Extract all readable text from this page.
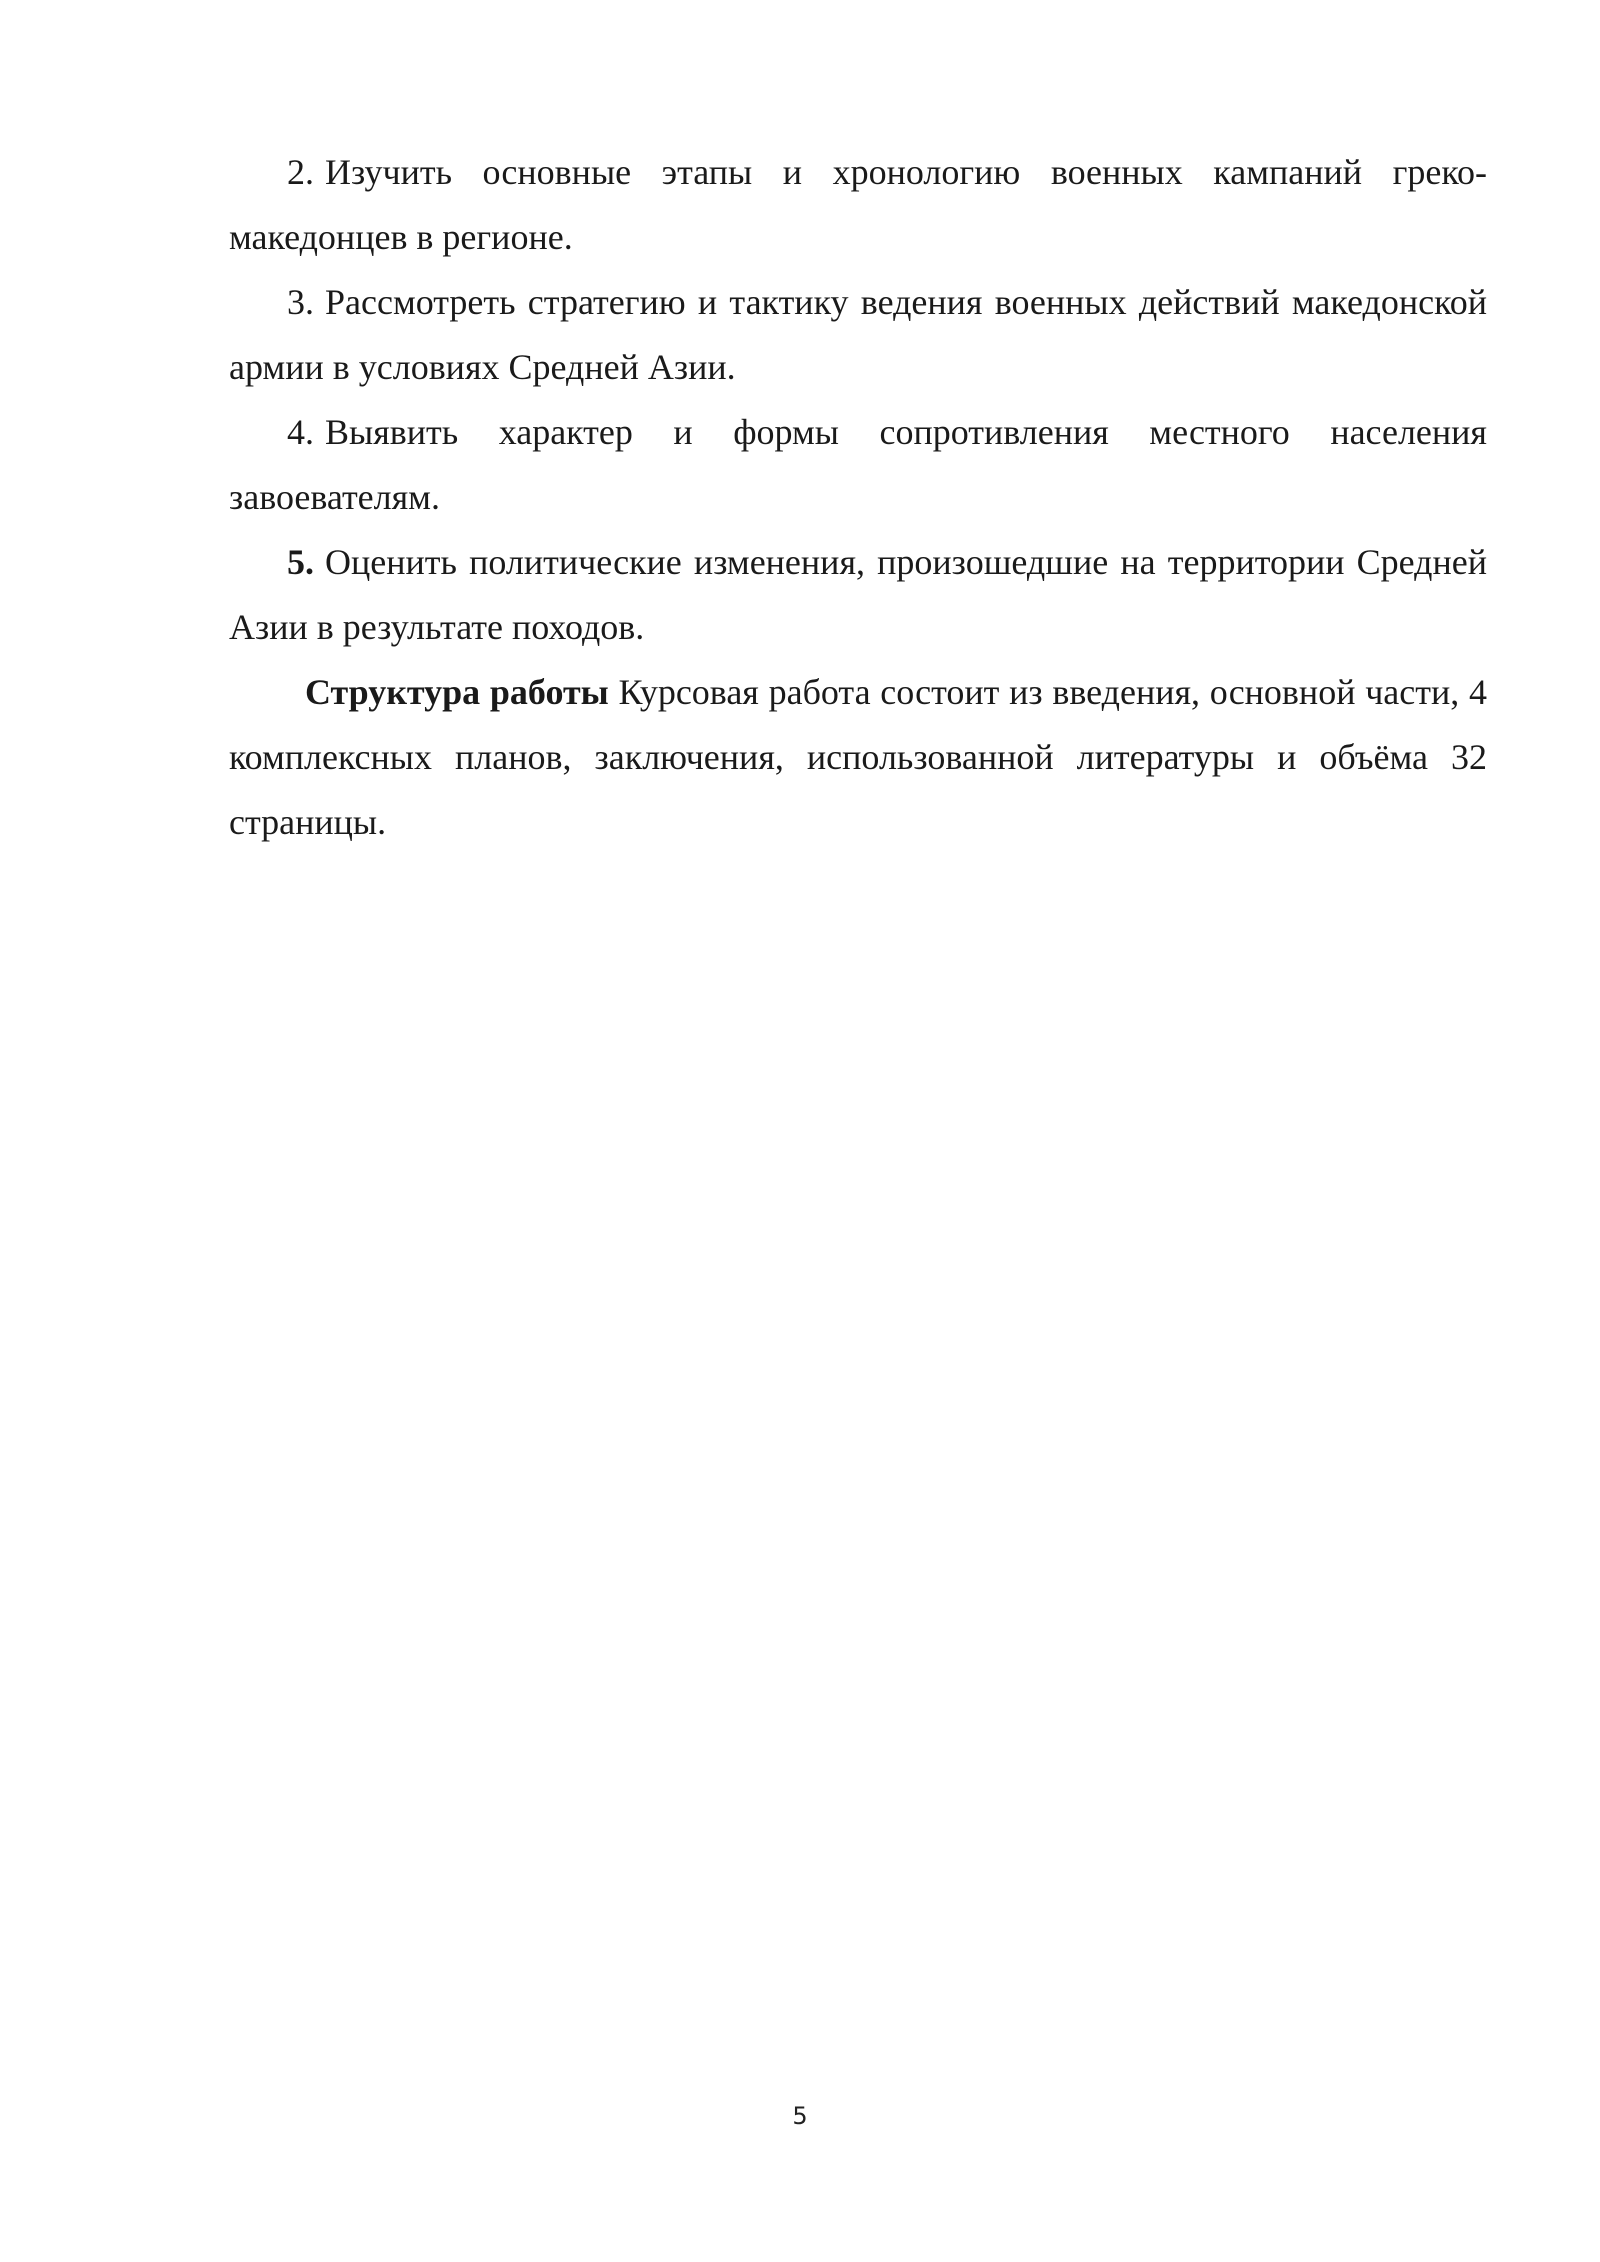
2. Изучить основные этапы и хронологию военных кампаний греко-македонцев в регионе.

3. Рассмотреть стратегию и тактику ведения военных действий македонской армии в условиях Средней Азии.

4. Выявить характер и формы сопротивления местного населения завоевателям.

5. Оценить политические изменения, произошедшие на территории Средней Азии в результате походов.

Структура работы Курсовая работа состоит из введения, основной части, 4 комплексных планов, заключения, использованной литературы и объёма 32 страницы.

5
